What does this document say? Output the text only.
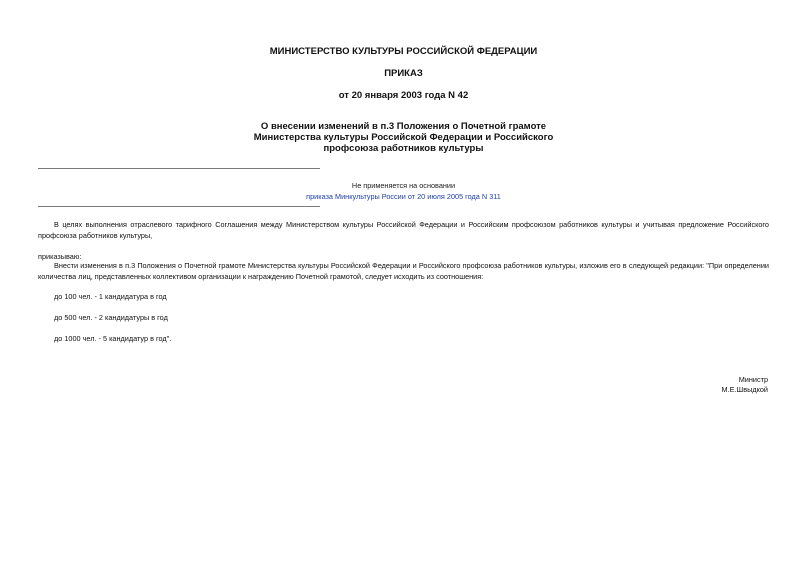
МИНИСТЕРСТВО КУЛЬТУРЫ РОССИЙСКОЙ ФЕДЕРАЦИИ
ПРИКАЗ
от 20 января 2003 года N 42
О внесении изменений в п.3 Положения о Почетной грамоте
Министерства культуры Российской Федерации и Российского
профсоюза работников культуры
Не применяется на основании
приказа Минкультуры России от 20 июля 2005 года N 311
В целях выполнения отраслевого тарифного Соглашения между Министерством культуры Российской Федерации и Российским профсоюзом работников культуры и учитывая предложение Российского профсоюза работников культуры,
приказываю:
Внести изменения в п.3 Положения о Почетной грамоте Министерства культуры Российской Федерации и Российского профсоюза работников культуры, изложив его в следующей редакции: "При определении количества лиц, представленных коллективом организации к награждению Почетной грамотой, следует исходить из соотношения:
до 100 чел. - 1 кандидатура в год
до 500 чел. - 2 кандидатуры в год
до 1000 чел. - 5 кандидатур в год".
Министр
М.Е.Швыдкой
